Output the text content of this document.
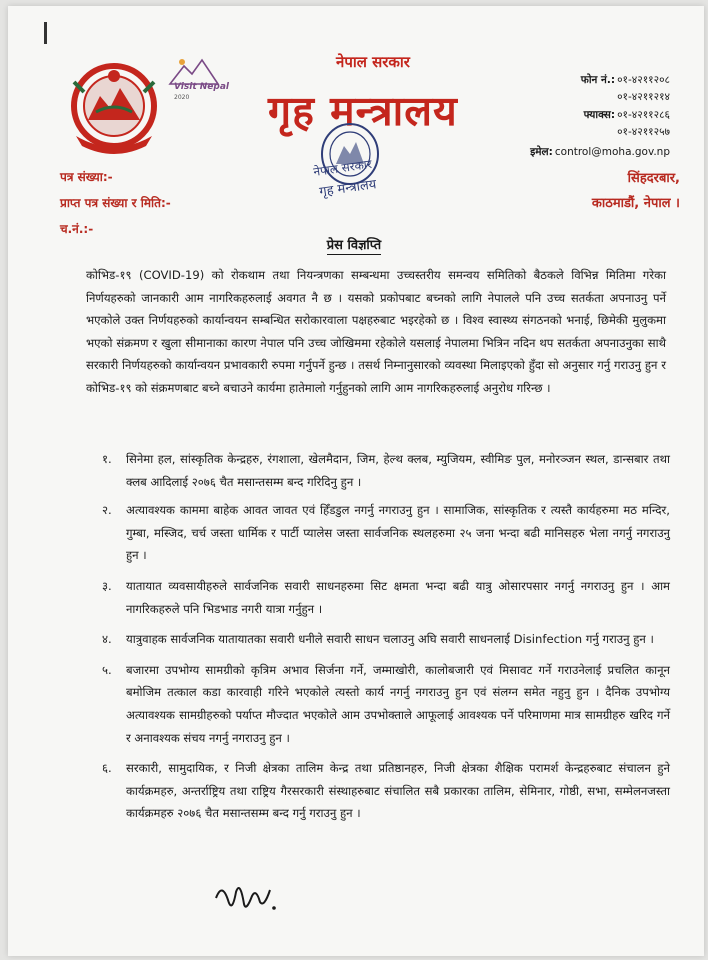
Visit Nepal
2020
नेपाल सरकार
गृह मन्त्रालय
नेपाल सरकार
गृह मन्त्रालय
फोन नं.: ०१-४२११२०८
०१-४२११२१४
फ्याक्स: ०१-४२११२८६
०१-४२११२५७
इमेल: control@moha.gov.np
पत्र संख्या:-
प्राप्त पत्र संख्या र मिति:-
च.नं.:-
सिंहदरबार,
काठमाडौं, नेपाल ।
प्रेस विज्ञप्ति
कोभिड-१९ (COVID-19) को रोकथाम तथा नियन्त्रणका सम्बन्धमा उच्चस्तरीय समन्वय समितिको बैठकले विभिन्न मितिमा गरेका निर्णयहरुको जानकारी आम नागरिकहरुलाई अवगत नै छ । यसको प्रकोपबाट बच्नको लागि नेपालले पनि उच्च सतर्कता अपनाउनु पर्ने भएकोले उक्त निर्णयहरुको कार्यान्वयन सम्बन्धित सरोकारवाला पक्षहरुबाट भइरहेको छ । विश्व स्वास्थ्य संगठनको भनाई, छिमेकी मुलुकमा भएको संक्रमण र खुला सीमानाका कारण नेपाल पनि उच्च जोखिममा रहेकोले यसलाई नेपालमा भित्रिन नदिन थप सतर्कता अपनाउनुका साथै सरकारी निर्णयहरुको कार्यान्वयन प्रभावकारी रुपमा गर्नुपर्ने हुन्छ । तसर्थ निम्नानुसारको व्यवस्था मिलाइएको हुँदा सो अनुसार गर्नु गराउनु हुन र कोभिड-१९ को संक्रमणबाट बच्ने बचाउने कार्यमा हातेमालो गर्नुहुनको लागि आम नागरिकहरुलाई अनुरोध गरिन्छ ।
१. सिनेमा हल, सांस्कृतिक केन्द्रहरु, रंगशाला, खेलमैदान, जिम, हेल्थ क्लब, म्युजियम, स्वीमिङ पुल, मनोरञ्जन स्थल, डान्सबार तथा क्लब आदिलाई २०७६ चैत मसान्तसम्म बन्द गरिदिनु हुन ।
२. अत्यावश्यक काममा बाहेक आवत जावत एवं हिँडडुल नगर्नु नगराउनु हुन । सामाजिक, सांस्कृतिक र त्यस्तै कार्यहरुमा मठ मन्दिर, गुम्बा, मस्जिद, चर्च जस्ता धार्मिक र पार्टी प्यालेस जस्ता सार्वजनिक स्थलहरुमा २५ जना भन्दा बढी मानिसहरु भेला नगर्नु नगराउनु हुन ।
३. यातायात व्यवसायीहरुले सार्वजनिक सवारी साधनहरुमा सिट क्षमता भन्दा बढी यात्रु ओसारपसार नगर्नु नगराउनु हुन । आम नागरिकहरुले पनि भिडभाड नगरी यात्रा गर्नुहुन ।
४. यात्रुवाहक सार्वजनिक यातायातका सवारी धनीले सवारी साधन चलाउनु अघि सवारी साधनलाई Disinfection गर्नु गराउनु हुन ।
५. बजारमा उपभोग्य सामग्रीको कृत्रिम अभाव सिर्जना गर्ने, जम्माखोरी, कालोबजारी एवं मिसावट गर्ने गराउनेलाई प्रचलित कानून बमोजिम तत्काल कडा कारवाही गरिने भएकोले त्यस्तो कार्य नगर्नु नगराउनु हुन एवं संलग्न समेत नहुनु हुन । दैनिक उपभोग्य अत्यावश्यक सामग्रीहरुको पर्याप्त मौज्दात भएकोले आम उपभोक्ताले आफूलाई आवश्यक पर्ने परिमाणमा मात्र सामग्रीहरु खरिद गर्ने र अनावश्यक संचय नगर्नु नगराउनु हुन ।
६. सरकारी, सामुदायिक, र निजी क्षेत्रका तालिम केन्द्र तथा प्रतिष्ठानहरु, निजी क्षेत्रका शैक्षिक परामर्श केन्द्रहरुबाट संचालन हुने कार्यक्रमहरु, अन्तर्राष्ट्रिय तथा राष्ट्रिय गैरसरकारी संस्थाहरुबाट संचालित सबै प्रकारका तालिम, सेमिनार, गोष्ठी, सभा, सम्मेलनजस्ता कार्यक्रमहरु २०७६ चैत मसान्तसम्म बन्द गर्नु गराउनु हुन ।
